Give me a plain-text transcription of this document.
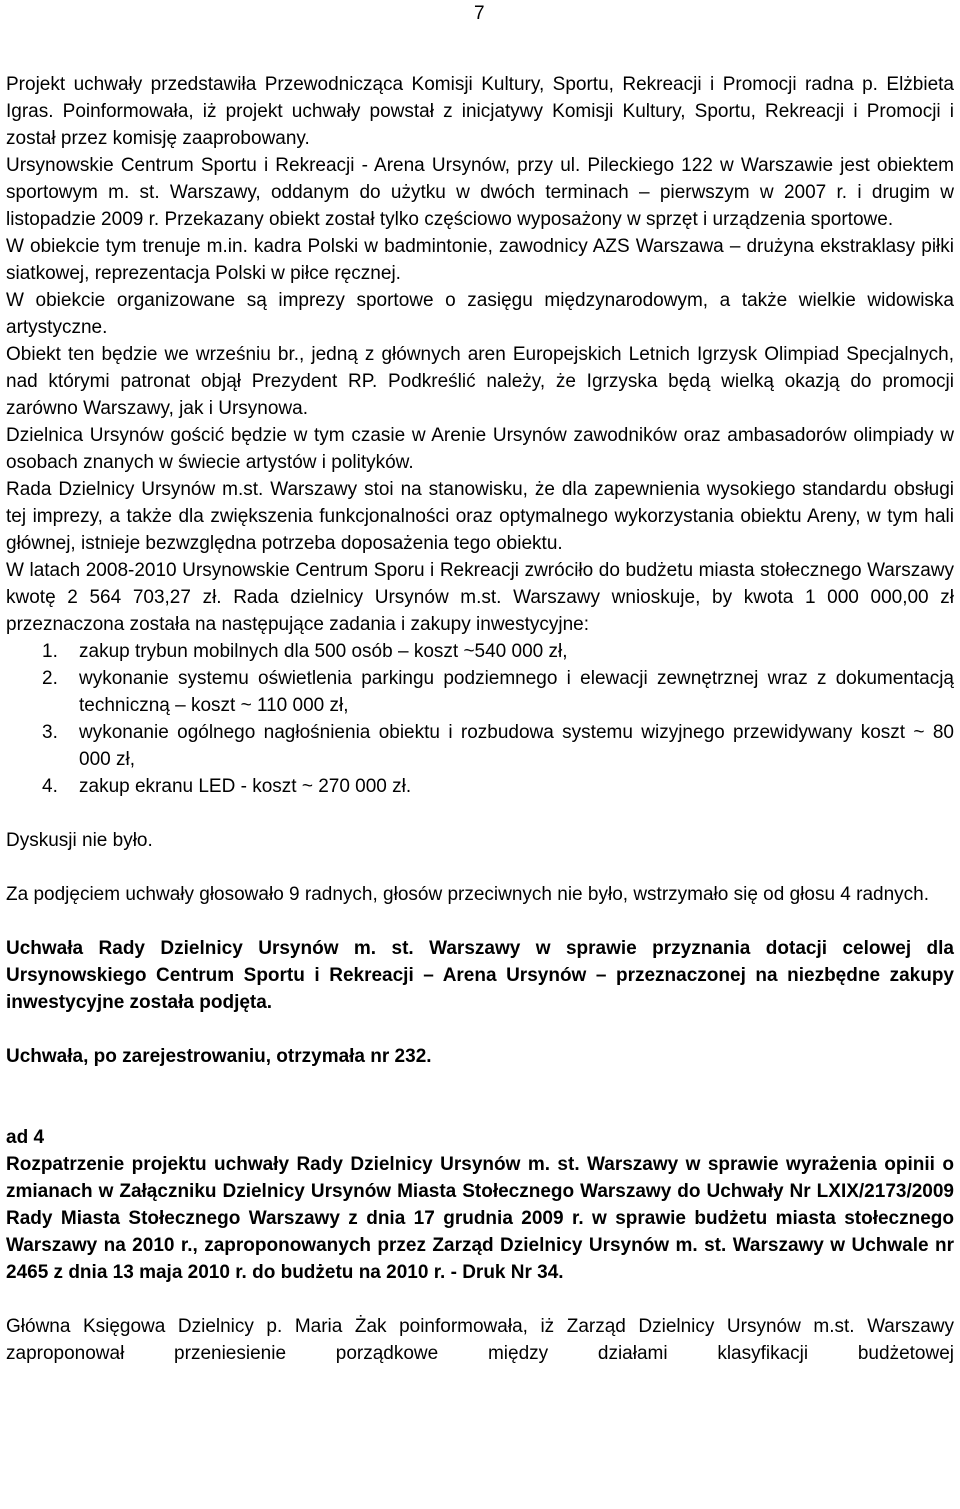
7

Projekt uchwały przedstawiła Przewodnicząca Komisji Kultury, Sportu, Rekreacji i Promocji radna p. Elżbieta Igras. Poinformowała, iż projekt uchwały powstał z inicjatywy Komisji Kultury, Sportu, Rekreacji i Promocji i został przez komisję zaaprobowany.

Ursynowskie Centrum Sportu i Rekreacji - Arena Ursynów, przy ul. Pileckiego 122 w Warszawie jest obiektem sportowym m. st. Warszawy, oddanym do użytku w dwóch terminach – pierwszym w 2007 r. i drugim w listopadzie 2009 r. Przekazany obiekt został tylko częściowo wyposażony w sprzęt i urządzenia sportowe.

W obiekcie tym trenuje m.in. kadra Polski w badmintonie, zawodnicy AZS Warszawa – drużyna ekstraklasy piłki siatkowej, reprezentacja Polski w piłce ręcznej.

W obiekcie organizowane są imprezy sportowe o zasięgu międzynarodowym, a także wielkie widowiska artystyczne.

Obiekt ten będzie we wrześniu br., jedną z głównych aren Europejskich Letnich Igrzysk Olimpiad Specjalnych, nad którymi patronat objął Prezydent RP. Podkreślić należy, że Igrzyska będą wielką okazją do promocji zarówno Warszawy, jak i Ursynowa.

Dzielnica Ursynów gościć będzie w tym czasie w Arenie Ursynów zawodników oraz ambasadorów olimpiady w osobach znanych w świecie artystów i polityków.

Rada Dzielnicy Ursynów m.st. Warszawy stoi na stanowisku, że dla zapewnienia wysokiego standardu obsługi tej imprezy, a także dla zwiększenia funkcjonalności oraz optymalnego wykorzystania obiektu Areny, w tym hali głównej, istnieje bezwzględna potrzeba doposażenia tego obiektu.

W latach 2008-2010 Ursynowskie Centrum Sporu i Rekreacji zwróciło do budżetu miasta stołecznego Warszawy kwotę 2 564 703,27 zł. Rada dzielnicy Ursynów m.st. Warszawy wnioskuje, by kwota 1 000 000,00 zł przeznaczona została na następujące zadania i zakupy inwestycyjne:

1. zakup trybun mobilnych dla 500 osób – koszt ~540 000 zł,
2. wykonanie systemu oświetlenia parkingu podziemnego i elewacji zewnętrznej wraz z dokumentacją techniczną – koszt ~ 110 000 zł,
3. wykonanie ogólnego nagłośnienia obiektu i rozbudowa systemu wizyjnego przewidywany koszt ~ 80 000 zł,
4. zakup ekranu LED - koszt ~ 270 000 zł.

Dyskusji nie było.

Za podjęciem uchwały głosowało 9 radnych, głosów przeciwnych nie było, wstrzymało się od głosu 4 radnych.

Uchwała Rady Dzielnicy Ursynów m. st. Warszawy w sprawie przyznania dotacji celowej dla Ursynowskiego Centrum Sportu i Rekreacji – Arena Ursynów – przeznaczonej na niezbędne zakupy inwestycyjne została podjęta.

Uchwała, po zarejestrowaniu, otrzymała nr 232.

ad 4

Rozpatrzenie projektu uchwały Rady Dzielnicy Ursynów m. st. Warszawy w sprawie wyrażenia opinii o zmianach w Załączniku Dzielnicy Ursynów Miasta Stołecznego Warszawy do Uchwały Nr LXIX/2173/2009 Rady Miasta Stołecznego Warszawy z dnia 17 grudnia 2009 r. w sprawie budżetu miasta stołecznego Warszawy na 2010 r., zaproponowanych przez Zarząd Dzielnicy Ursynów m. st. Warszawy w Uchwale nr 2465 z dnia 13 maja 2010 r. do budżetu na 2010 r. - Druk Nr 34.

Główna Księgowa Dzielnicy p. Maria Żak poinformowała, iż Zarząd Dzielnicy Ursynów m.st. Warszawy zaproponował przeniesienie porządkowe między działami klasyfikacji budżetowej
